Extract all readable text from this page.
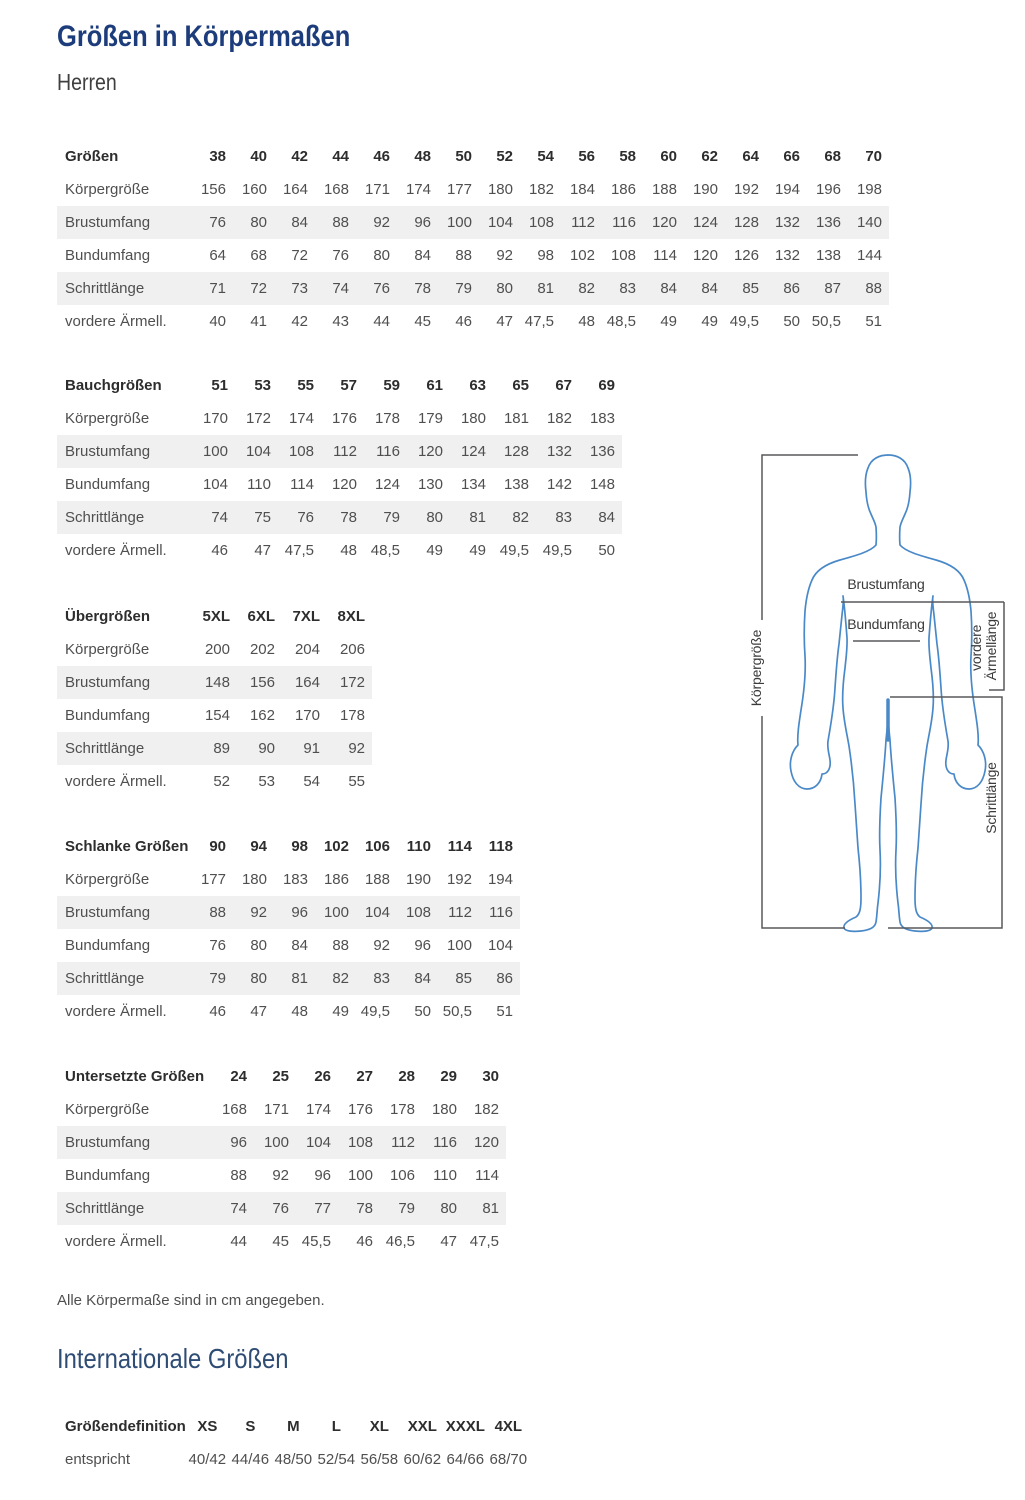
Größen in Körpermaßen
Herren
Größen	38	40	42	44	46	48	50	52	54	56	58	60	62	64	66	68	70
Körpergröße	156	160	164	168	171	174	177	180	182	184	186	188	190	192	194	196	198
Brustumfang	76	80	84	88	92	96	100	104	108	112	116	120	124	128	132	136	140
Bundumfang	64	68	72	76	80	84	88	92	98	102	108	114	120	126	132	138	144
Schrittlänge	71	72	73	74	76	78	79	80	81	82	83	84	84	85	86	87	88
vordere Ärmell.	40	41	42	43	44	45	46	47	47,5	48	48,5	49	49	49,5	50	50,5	51
Bauchgrößen	51	53	55	57	59	61	63	65	67	69
Körpergröße	170	172	174	176	178	179	180	181	182	183
Brustumfang	100	104	108	112	116	120	124	128	132	136
Bundumfang	104	110	114	120	124	130	134	138	142	148
Schrittlänge	74	75	76	78	79	80	81	82	83	84
vordere Ärmell.	46	47	47,5	48	48,5	49	49	49,5	49,5	50
Übergrößen	5XL	6XL	7XL	8XL
Körpergröße	200	202	204	206
Brustumfang	148	156	164	172
Bundumfang	154	162	170	178
Schrittlänge	89	90	91	92
vordere Ärmell.	52	53	54	55
Schlanke Größen	90	94	98	102	106	110	114	118
Körpergröße	177	180	183	186	188	190	192	194
Brustumfang	88	92	96	100	104	108	112	116
Bundumfang	76	80	84	88	92	96	100	104
Schrittlänge	79	80	81	82	83	84	85	86
vordere Ärmell.	46	47	48	49	49,5	50	50,5	51
Untersetzte Größen	24	25	26	27	28	29	30
Körpergröße	168	171	174	176	178	180	182
Brustumfang	96	100	104	108	112	116	120
Bundumfang	88	92	96	100	106	110	114
Schrittlänge	74	76	77	78	79	80	81
vordere Ärmell.	44	45	45,5	46	46,5	47	47,5
Alle Körpermaße sind in cm angegeben.
Internationale Größen
Größendefinition	XS	S	M	L	XL	XXL	XXXL	4XL
entspricht	40/42	44/46	48/50	52/54	56/58	60/62	64/66	68/70
Körpergröße
Brustumfang
Bundumfang
vordere Ärmellänge
Schrittlänge
